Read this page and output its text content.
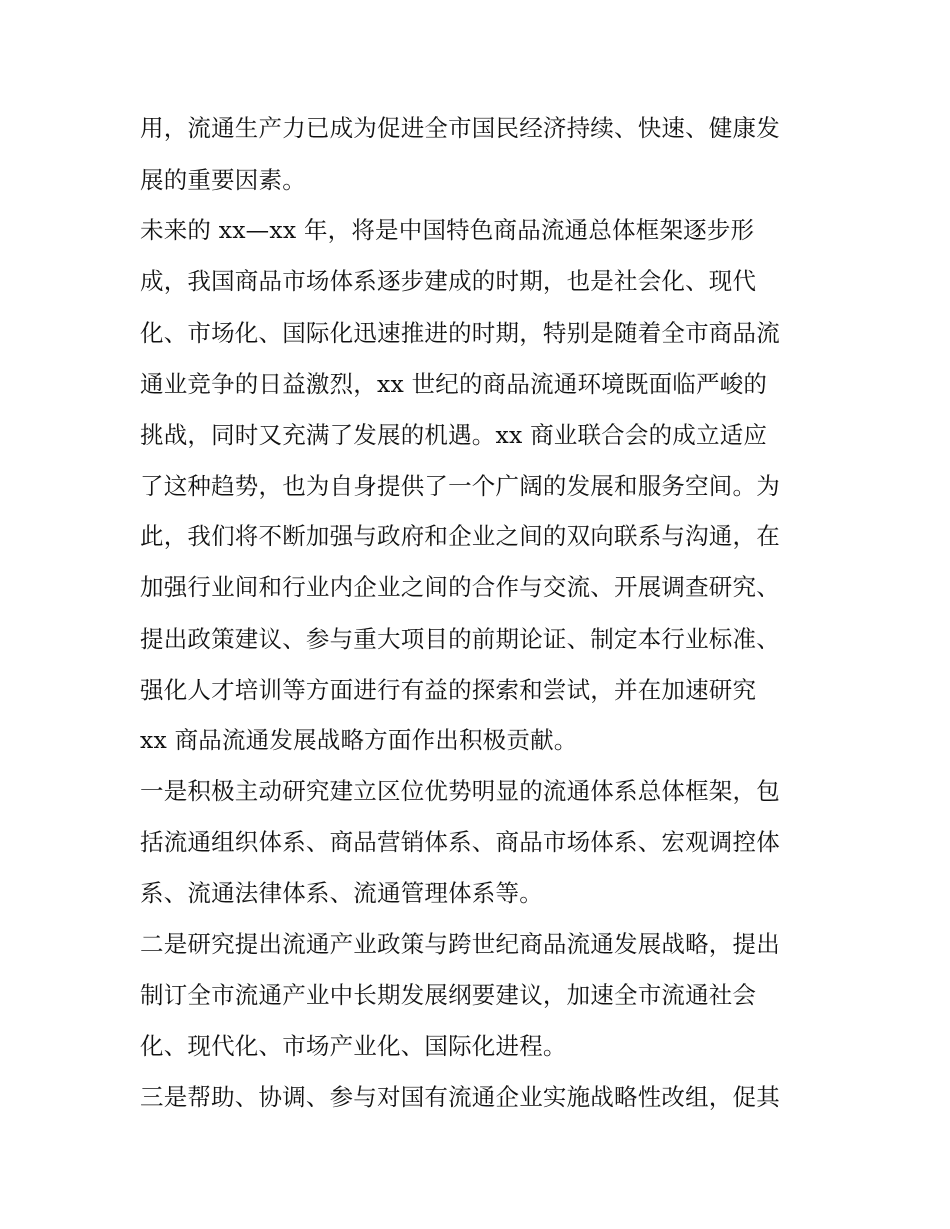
用，流通生产力已成为促进全市国民经济持续、快速、健康发
展的重要因素。
未来的 xx—xx 年，将是中国特色商品流通总体框架逐步形
成，我国商品市场体系逐步建成的时期，也是社会化、现代
化、市场化、国际化迅速推进的时期，特别是随着全市商品流
通业竞争的日益激烈，xx 世纪的商品流通环境既面临严峻的
挑战，同时又充满了发展的机遇。xx 商业联合会的成立适应
了这种趋势，也为自身提供了一个广阔的发展和服务空间。为
此，我们将不断加强与政府和企业之间的双向联系与沟通，在
加强行业间和行业内企业之间的合作与交流、开展调查研究、
提出政策建议、参与重大项目的前期论证、制定本行业标准、
强化人才培训等方面进行有益的探索和尝试，并在加速研究
xx 商品流通发展战略方面作出积极贡献。
一是积极主动研究建立区位优势明显的流通体系总体框架，包
括流通组织体系、商品营销体系、商品市场体系、宏观调控体
系、流通法律体系、流通管理体系等。
二是研究提出流通产业政策与跨世纪商品流通发展战略，提出
制订全市流通产业中长期发展纲要建议，加速全市流通社会
化、现代化、市场产业化、国际化进程。
三是帮助、协调、参与对国有流通企业实施战略性改组，促其
